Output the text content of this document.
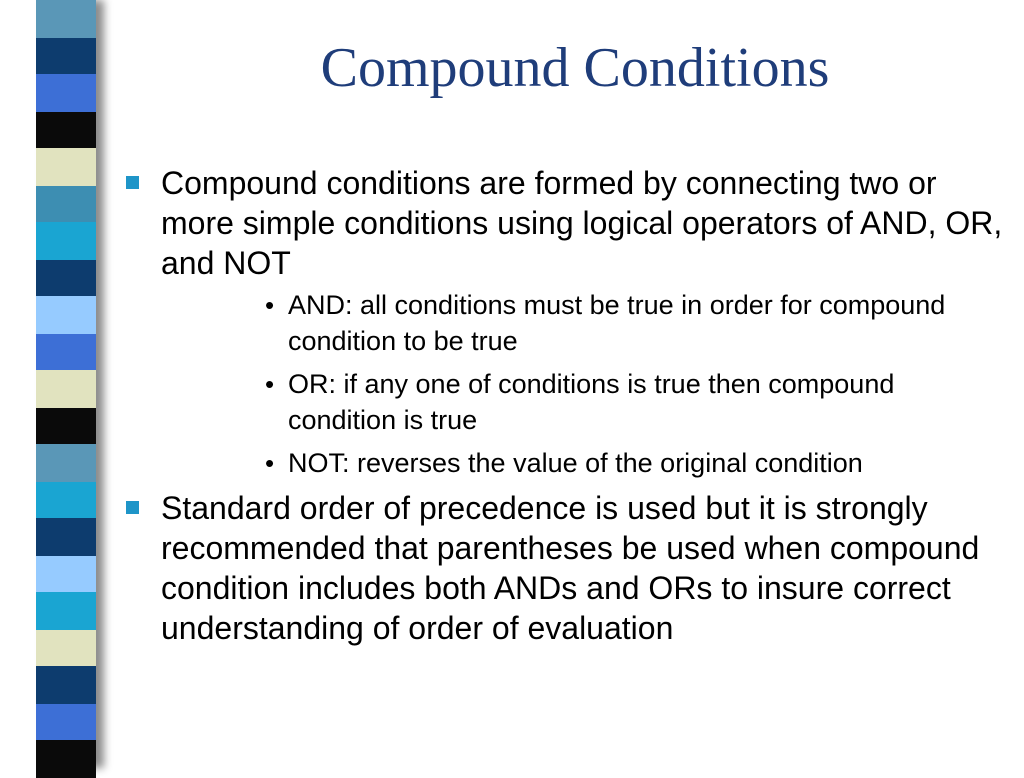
Compound Conditions
Compound conditions are formed by connecting two or more simple conditions using logical operators of AND, OR, and NOT
• AND: all conditions must be true in order for compound condition to be true
• OR: if any one of conditions is true then compound condition is true
• NOT: reverses the value of the original condition
Standard order of precedence is used but it is strongly recommended that parentheses be used when compound condition includes both ANDs and ORs to insure correct understanding of order of evaluation
